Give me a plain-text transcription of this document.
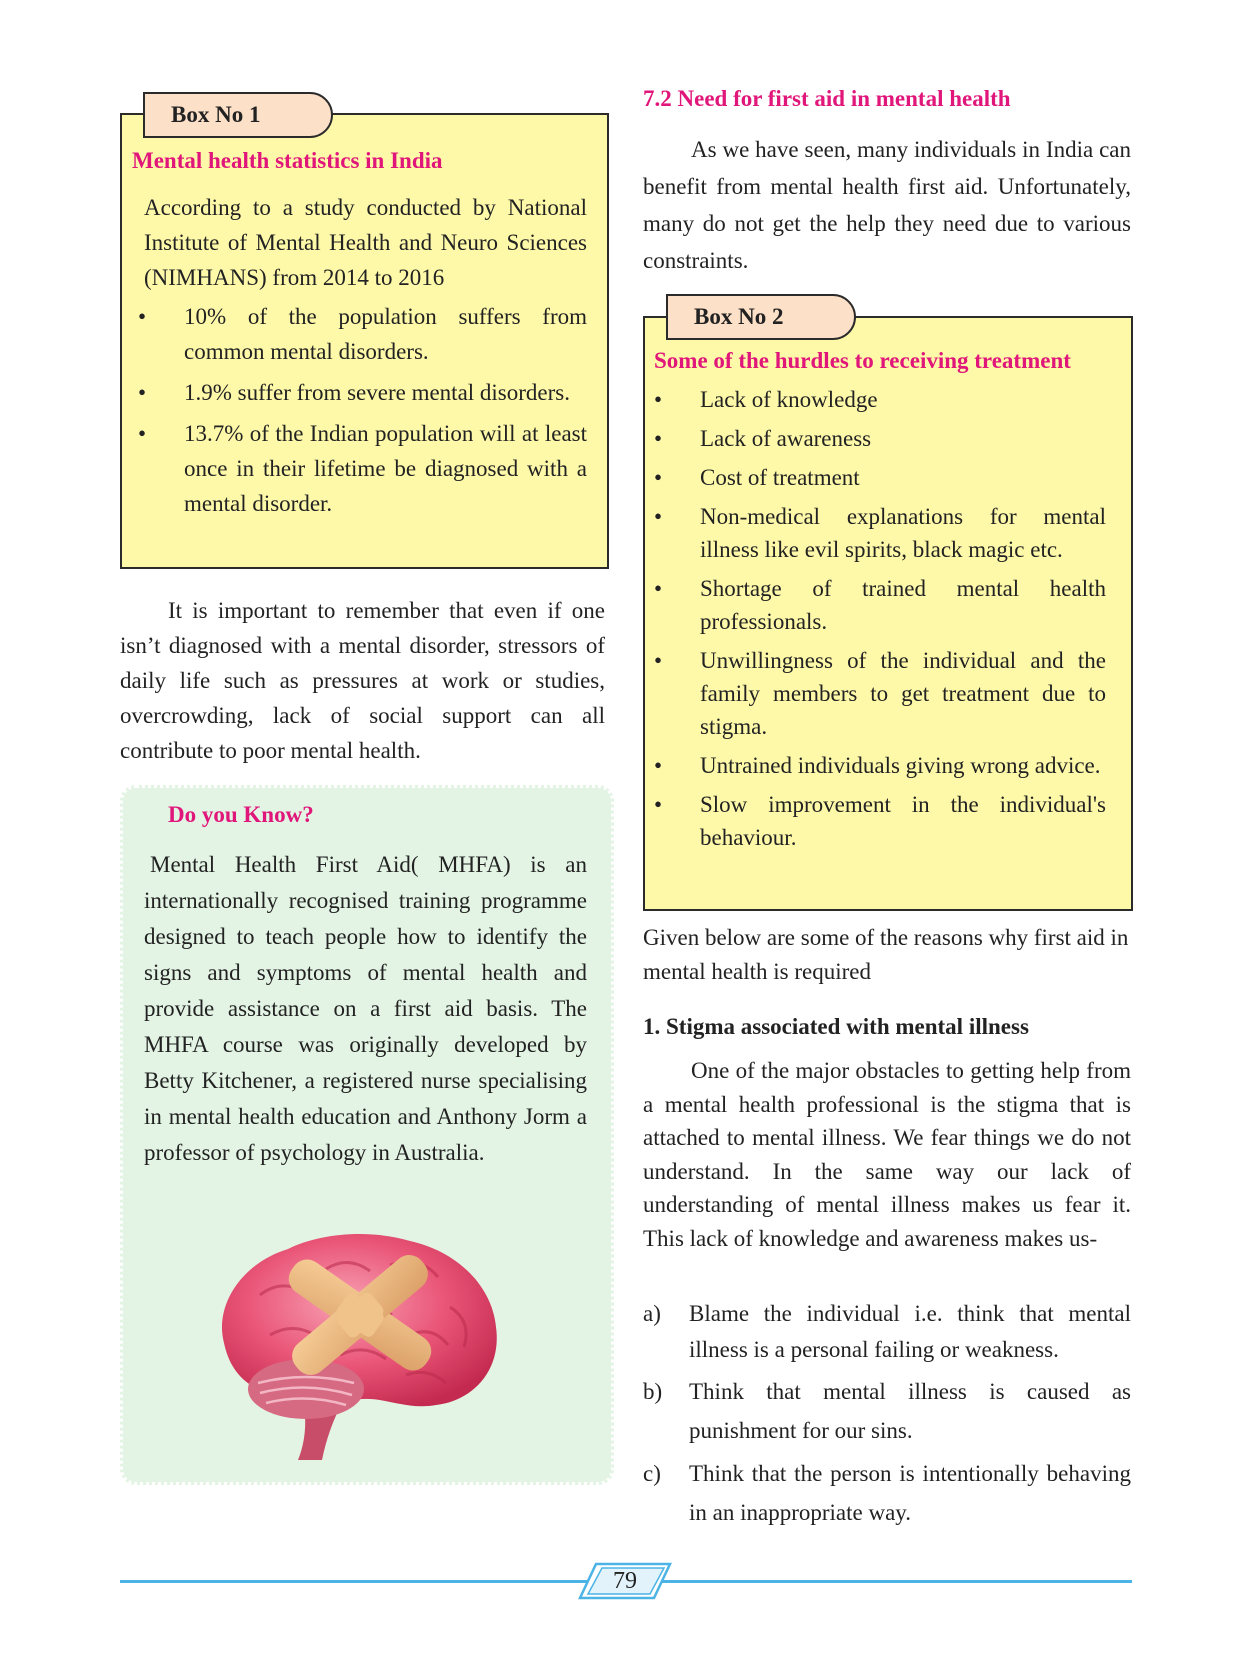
Box No 1
Mental health statistics in India
According to a study conducted by National Institute of Mental Health and Neuro Sciences (NIMHANS) from 2014 to 2016
• 10% of the population suffers from common mental disorders.
• 1.9% suffer from severe mental disorders.
• 13.7% of the Indian population will at least once in their lifetime be diagnosed with a mental disorder.
It is important to remember that even if one isn’t diagnosed with a mental disorder, stressors of daily life such as pressures at work or studies, overcrowding, lack of social support can all contribute to poor mental health.
Do you Know?
Mental Health First Aid( MHFA) is an internationally recognised training programme designed to teach people how to identify the signs and symptoms of mental health and provide assistance on a first aid basis. The MHFA course was originally developed by Betty Kitchener, a registered nurse specialising in mental health education and Anthony Jorm a professor of psychology in Australia.
7.2 Need for first aid in mental health
As we have seen, many individuals in India can benefit from mental health first aid. Unfortunately, many do not get the help they need due to various constraints.
Box No 2
Some of the hurdles to receiving treatment
• Lack of knowledge
• Lack of awareness
• Cost of treatment
• Non-medical explanations for mental illness like evil spirits, black magic etc.
• Shortage of trained mental health professionals.
• Unwillingness of the individual and the family members to get treatment due to stigma.
• Untrained individuals giving wrong advice.
• Slow improvement in the individual's behaviour.
Given below are some of the reasons why first aid in mental health is required
1. Stigma associated with mental illness
One of the major obstacles to getting help from a mental health professional is the stigma that is attached to mental illness. We fear things we do not understand. In the same way our lack of understanding of mental illness makes us fear it. This lack of knowledge and awareness makes us-
a)	Blame the individual i.e. think that mental illness is a personal failing or weakness.
b)	Think that mental illness is caused as punishment for our sins.
c)	Think that the person is intentionally behaving in an inappropriate way.
79
